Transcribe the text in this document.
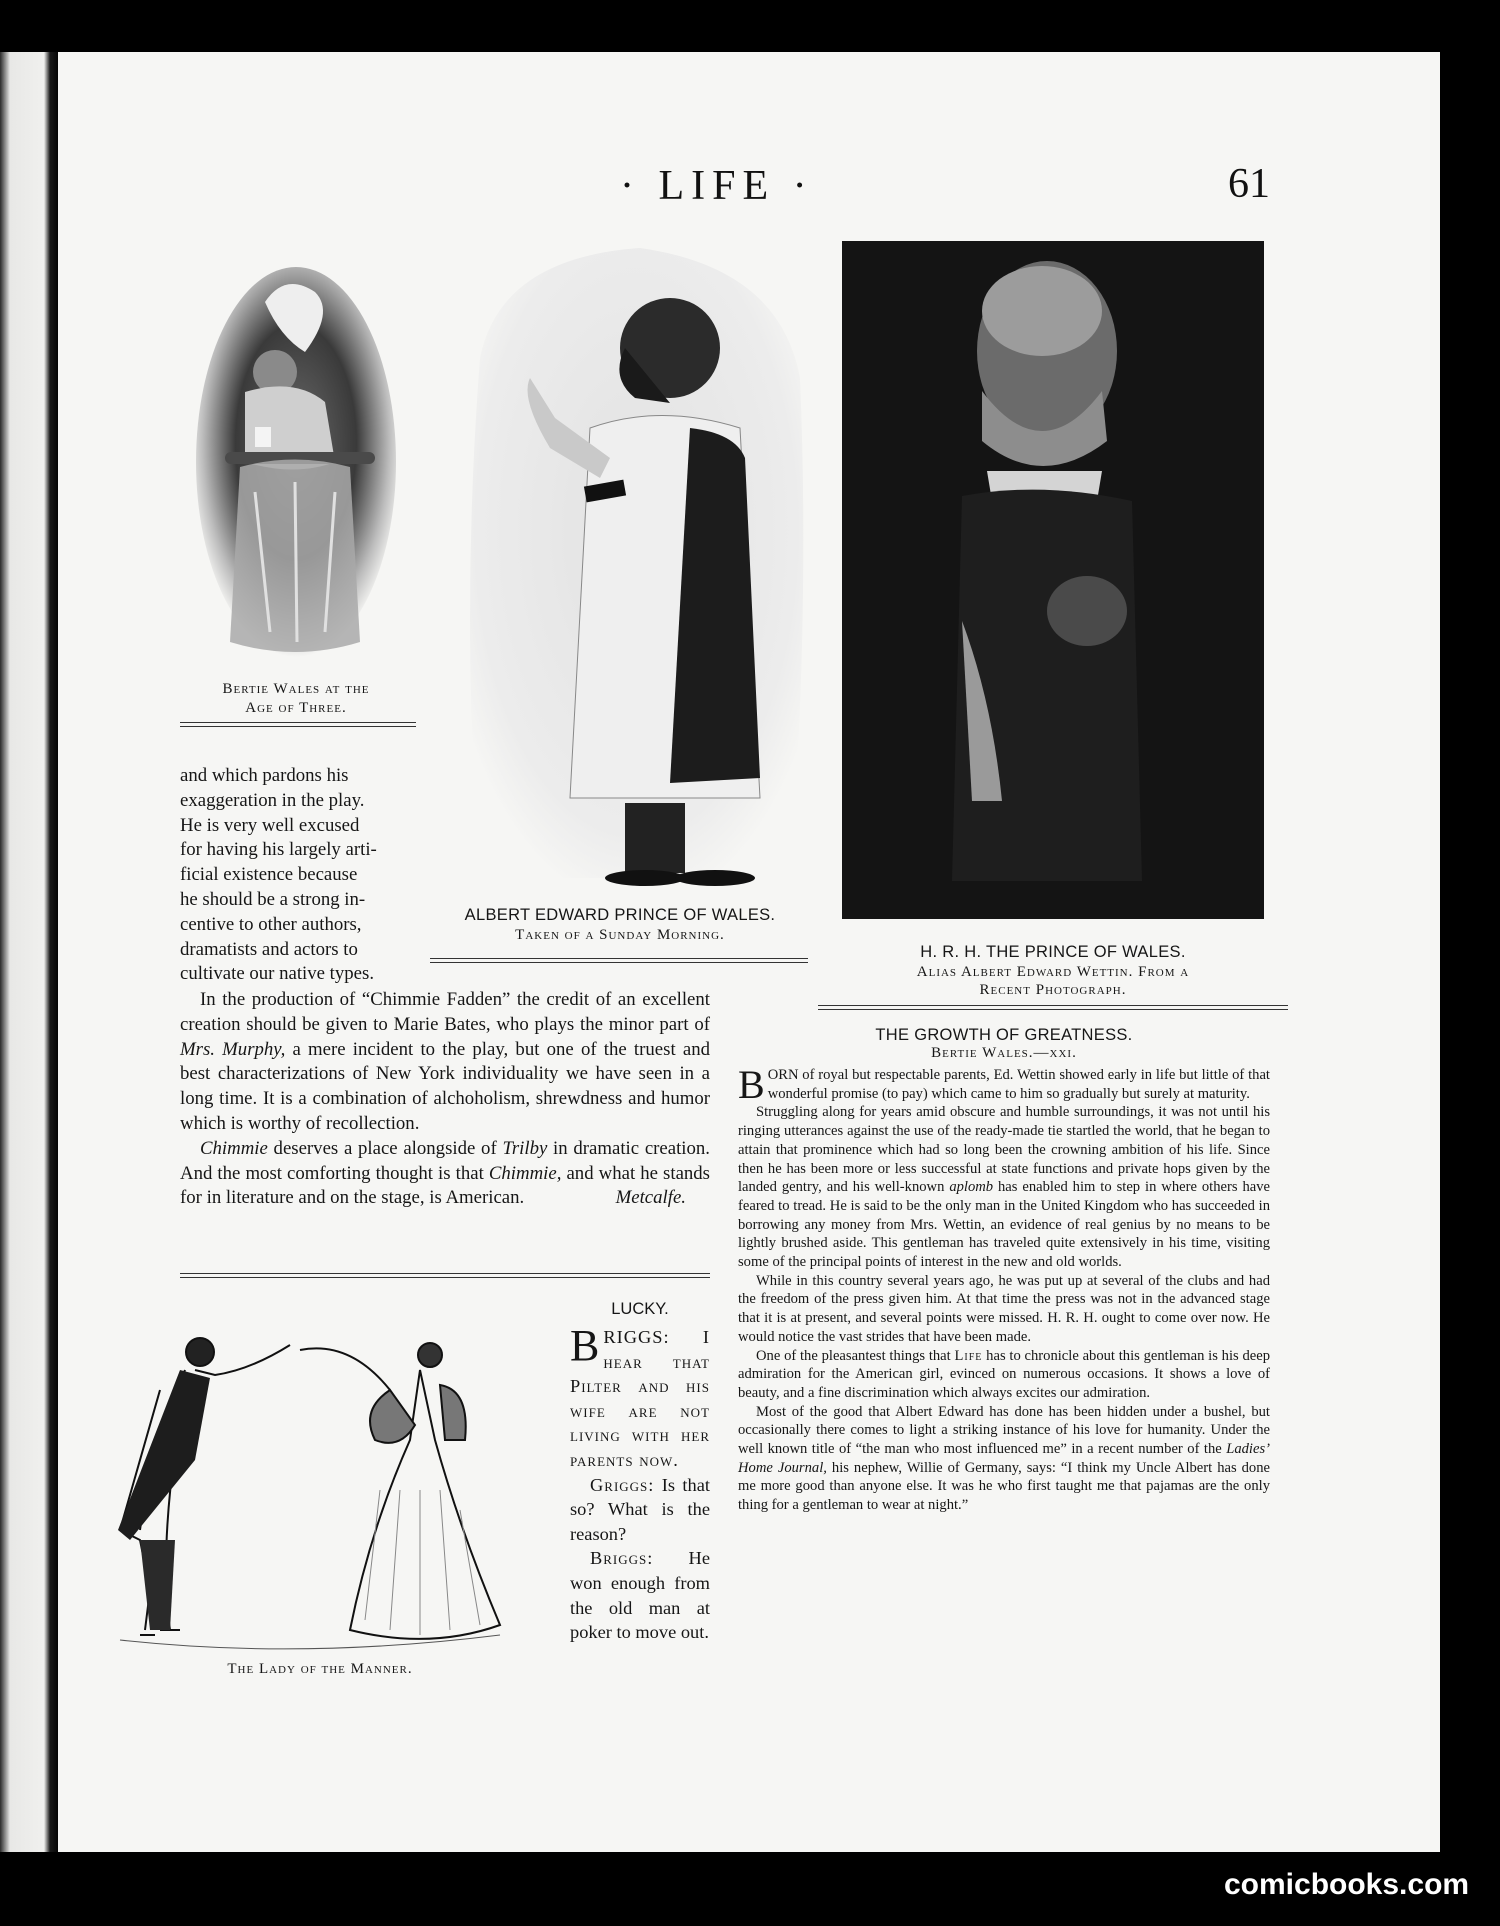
· LIFE ·	61
Bertie Wales at the
Age of Three.
ALBERT EDWARD PRINCE OF WALES.
Taken of a Sunday Morning.
H. R. H. THE PRINCE OF WALES.
Alias Albert Edward Wettin. From a
Recent Photograph.

and which pardons his

exaggeration in the play.

He is very well excused

for having his largely arti-

ficial existence because

he should be a strong in-

centive to other authors,

dramatists and actors to

cultivate our native types.

In the production of “Chimmie Fadden” the credit of an excellent creation should be given to Marie Bates, who plays the minor part of Mrs. Murphy, a mere incident to the play, but one of the truest and best characterizations of New York individuality we have seen in a long time. It is a combination of alchoholism, shrewdness and humor which is worthy of recollection.

Chimmie deserves a place alongside of Trilby in dramatic creation. And the most comforting thought is that Chimmie, and what he stands for in literature and on the stage, is American.	Metcalfe.

The Lady of the Manner.
LUCKY.

BRIGGS: I hear that Pilter and his wife are not living with her parents now.

Griggs: Is that so? What is the reason?

Briggs: He won enough from the old man at poker to move out.

THE GROWTH OF GREATNESS.
Bertie Wales.—xxi.

BORN of royal but respectable parents, Ed. Wettin showed early in life but little of that wonderful promise (to pay) which came to him so gradually but surely at maturity.

Struggling along for years amid obscure and humble surroundings, it was not until his ringing utterances against the use of the ready-made tie startled the world, that he began to attain that prominence which had so long been the crowning ambition of his life. Since then he has been more or less successful at state functions and private hops given by the landed gentry, and his well-known aplomb has enabled him to step in where others have feared to tread. He is said to be the only man in the United Kingdom who has succeeded in borrowing any money from Mrs. Wettin, an evidence of real genius by no means to be lightly brushed aside. This gentleman has traveled quite extensively in his time, visiting some of the principal points of interest in the new and old worlds.

While in this country several years ago, he was put up at several of the clubs and had the freedom of the press given him. At that time the press was not in the advanced stage that it is at present, and several points were missed. H. R. H. ought to come over now. He would notice the vast strides that have been made.

One of the pleasantest things that Life has to chronicle about this gentleman is his deep admiration for the American girl, evinced on numerous occasions. It shows a love of beauty, and a fine discrimination which always excites our admiration.

Most of the good that Albert Edward has done has been hidden under a bushel, but occasionally there comes to light a striking instance of his love for humanity. Under the well known title of “the man who most influenced me” in a recent number of the Ladies’ Home Journal, his nephew, Willie of Germany, says: “I think my Uncle Albert has done me more good than anyone else. It was he who first taught me that pajamas are the only thing for a gentleman to wear at night.”

comicbooks.com
